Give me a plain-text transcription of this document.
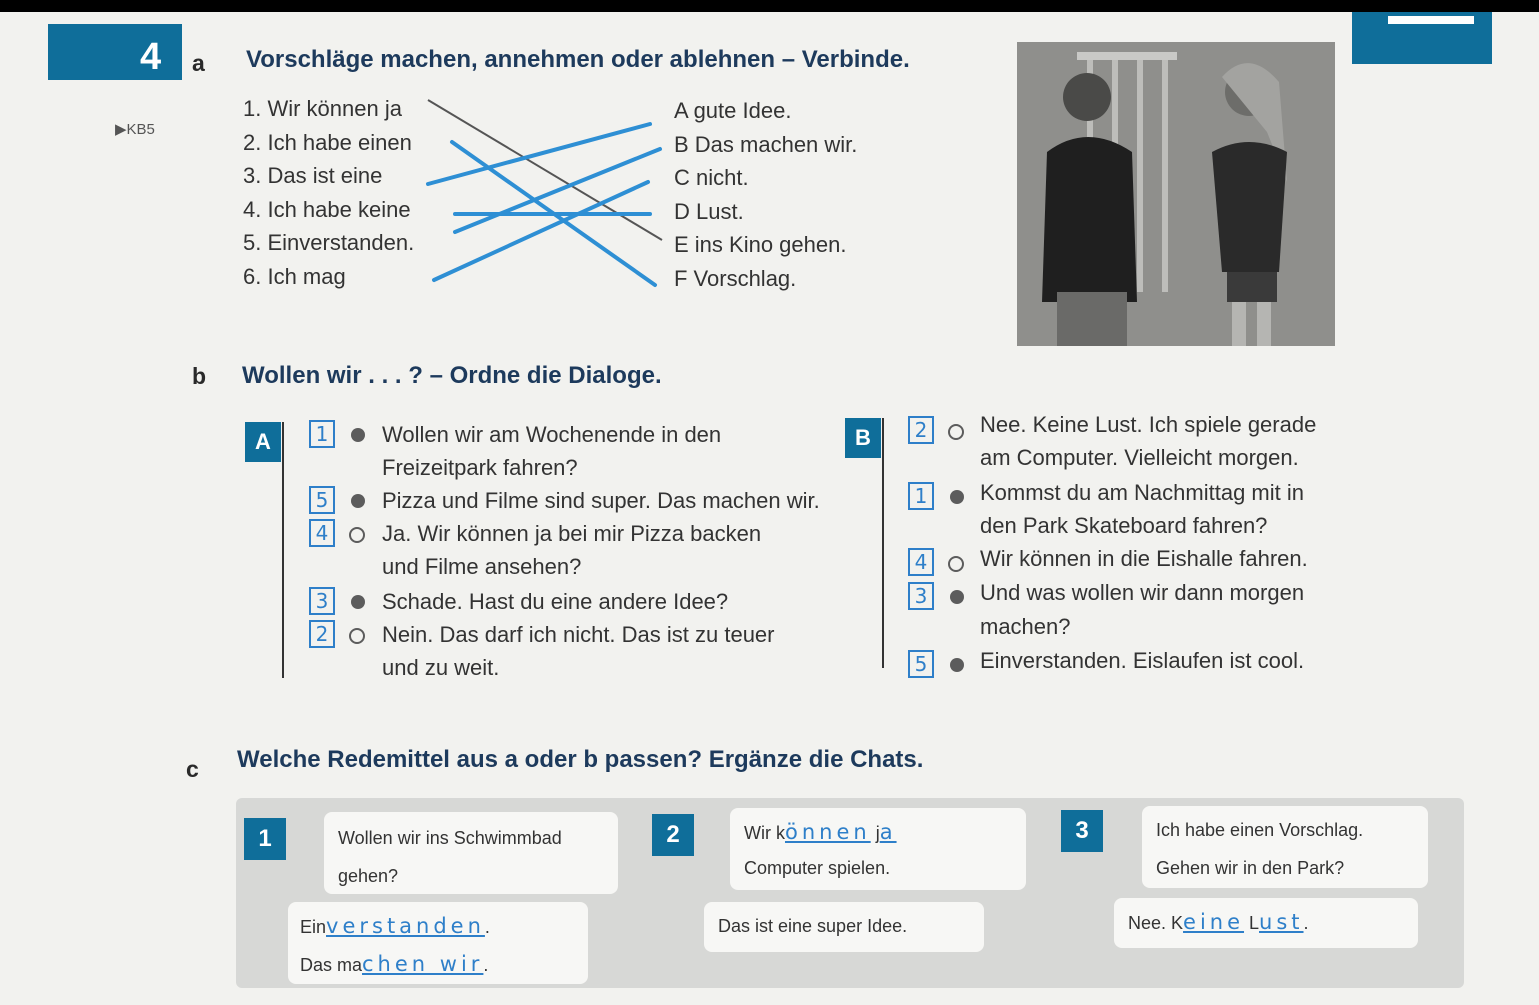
4 a Vorschläge machen, annehmen oder ablehnen – Verbinde.
▶KB5
1. Wir können ja
2. Ich habe einen
3. Das ist eine
4. Ich habe keine
5. Einverstanden.
6. Ich mag
A gute Idee.
B Das machen wir.
C nicht.
D Lust.
E ins Kino gehen.
F Vorschlag.
b Wollen wir . . . ? – Ordne die Dialoge.
A	1	Wollen wir am Wochenende in den
Freizeitpark fahren?
5	Pizza und Filme sind super. Das machen wir.
4	Ja. Wir können ja bei mir Pizza backen
und Filme ansehen?
3	Schade. Hast du eine andere Idee?
2	Nein. Das darf ich nicht. Das ist zu teuer
und zu weit.
B	2	Nee. Keine Lust. Ich spiele gerade
am Computer. Vielleicht morgen.
1	Kommst du am Nachmittag mit in
den Park Skateboard fahren?
4	Wir können in die Eishalle fahren.
3	Und was wollen wir dann morgen
machen?
5	Einverstanden. Eislaufen ist cool.
c Welche Redemittel aus a oder b passen? Ergänze die Chats.
1	Wollen wir ins Schwimmbad
gehen?
Einverstanden.
Das machen wir.
2	Wir können ja
Computer spielen.
Das ist eine super Idee.
3	Ich habe einen Vorschlag.
Gehen wir in den Park?
Nee. Keine Lust.
